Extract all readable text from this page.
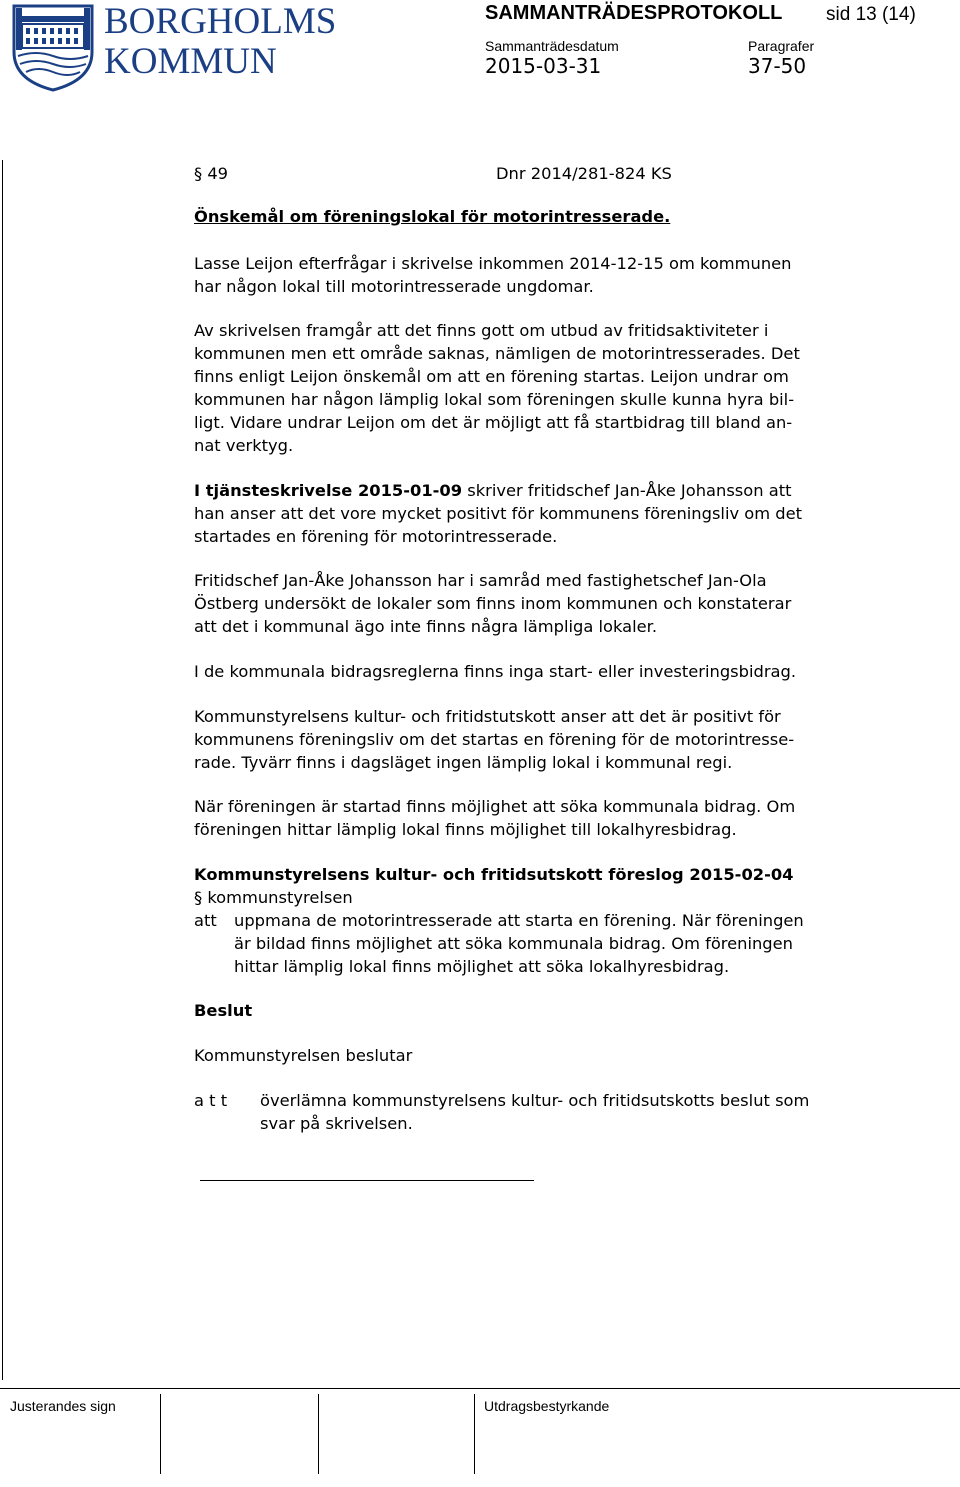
BORGHOLMS
KOMMUN
SAMMANTRÄDESPROTOKOLL sid 13 (14)
Sammanträdesdatum
2015-03-31
Paragrafer
37-50
§ 49	Dnr 2014/281-824 KS
Önskemål om föreningslokal för motorintresserade.
Lasse Leijon efterfrågar i skrivelse inkommen 2014-12-15 om kommunen
har någon lokal till motorintresserade ungdomar.
Av skrivelsen framgår att det finns gott om utbud av fritidsaktiviteter i
kommunen men ett område saknas, nämligen de motorintresserades. Det
finns enligt Leijon önskemål om att en förening startas. Leijon undrar om
kommunen har någon lämplig lokal som föreningen skulle kunna hyra bil-
ligt. Vidare undrar Leijon om det är möjligt att få startbidrag till bland an-
nat verktyg.
I tjänsteskrivelse 2015-01-09 skriver fritidschef Jan-Åke Johansson att
han anser att det vore mycket positivt för kommunens föreningsliv om det
startades en förening för motorintresserade.
Fritidschef Jan-Åke Johansson har i samråd med fastighetschef Jan-Ola
Östberg undersökt de lokaler som finns inom kommunen och konstaterar
att det i kommunal ägo inte finns några lämpliga lokaler.
I de kommunala bidragsreglerna finns inga start- eller investeringsbidrag.
Kommunstyrelsens kultur- och fritidstutskott anser att det är positivt för
kommunens föreningsliv om det startas en förening för de motorintresse-
rade. Tyvärr finns i dagsläget ingen lämplig lokal i kommunal regi.
När föreningen är startad finns möjlighet att söka kommunala bidrag. Om
föreningen hittar lämplig lokal finns möjlighet till lokalhyresbidrag.
Kommunstyrelsens kultur- och fritidsutskott föreslog 2015-02-04
§ kommunstyrelsen
att uppmana de motorintresserade att starta en förening. När föreningen
är bildad finns möjlighet att söka kommunala bidrag. Om föreningen
hittar lämplig lokal finns möjlighet att söka lokalhyresbidrag.
Beslut
Kommunstyrelsen beslutar
a t t överlämna kommunstyrelsens kultur- och fritidsutskotts beslut som
svar på skrivelsen.
Justerandes sign	Utdragsbestyrkande
